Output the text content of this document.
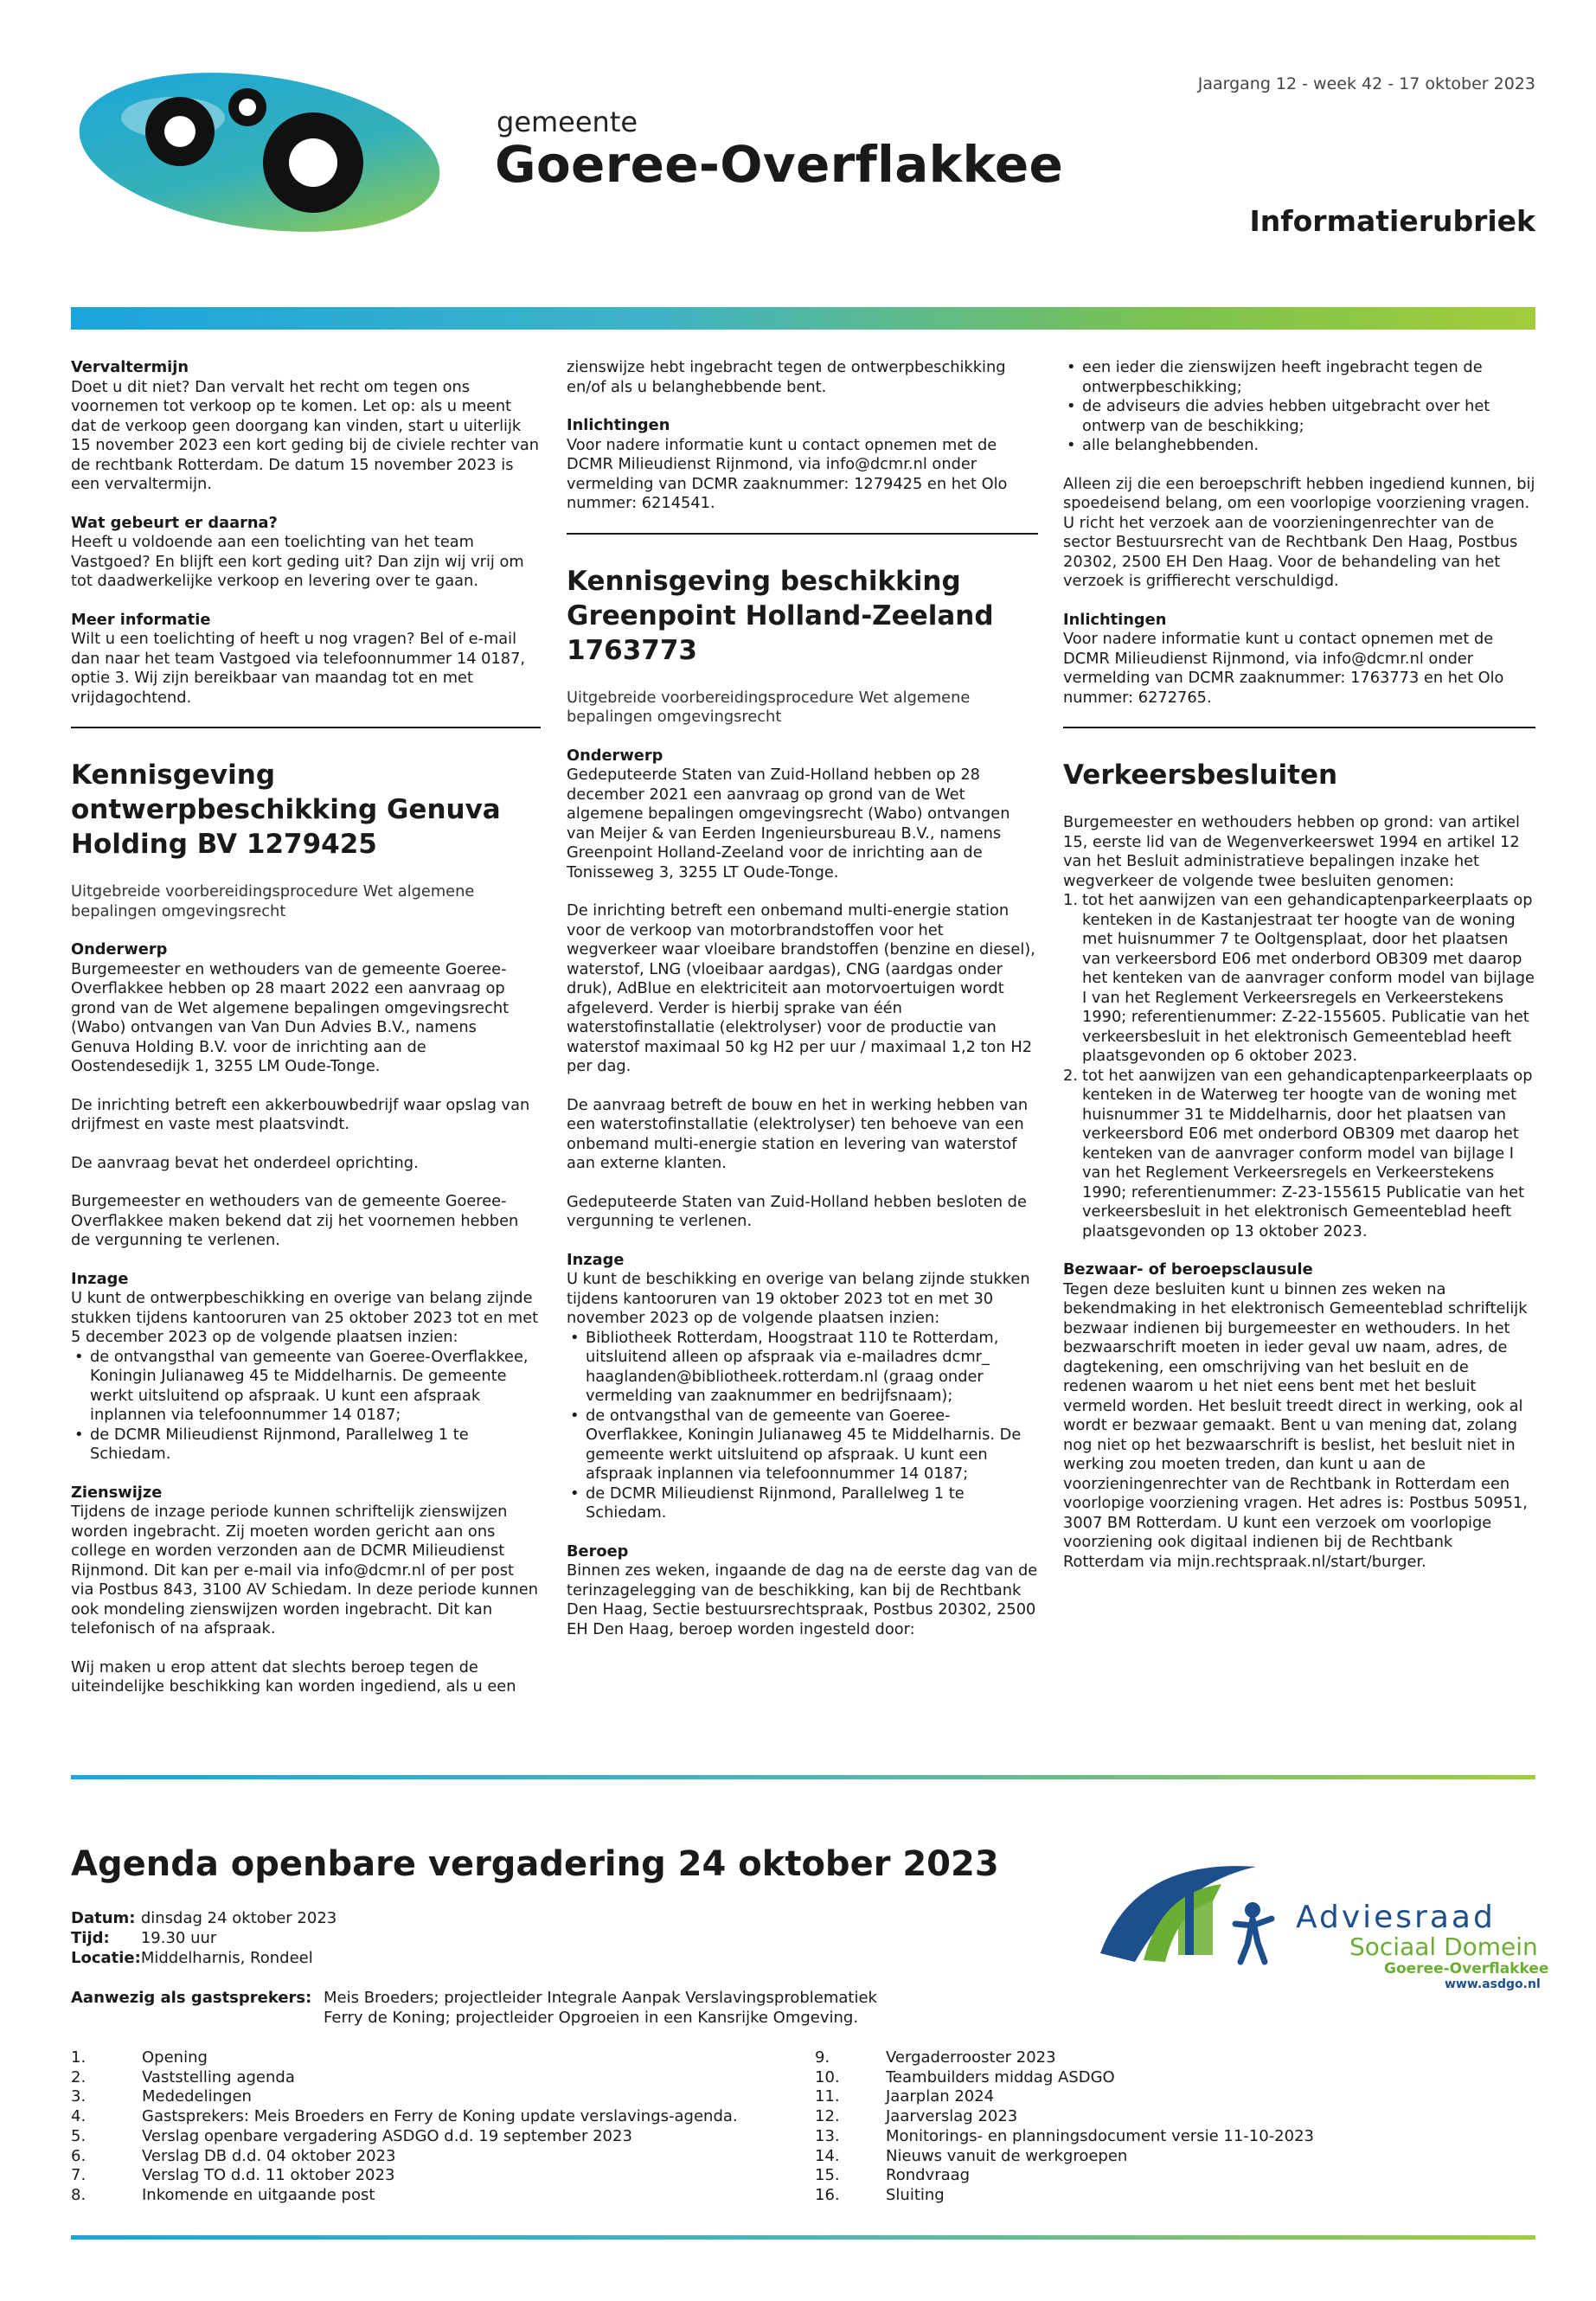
gemeente
Goeree-Overflakkee
Jaargang 12 - week 42 - 17 oktober 2023
Informatierubriek
Vervaltermijn

Doet u dit niet? Dan vervalt het recht om tegen ons voornemen tot verkoop op te komen. Let op: als u meent dat de verkoop geen doorgang kan vinden, start u uiterlijk 15 november 2023 een kort geding bij de civiele rechter van de rechtbank Rotterdam. De datum 15 november 2023 is een vervaltermijn.

Wat gebeurt er daarna?

Heeft u voldoende aan een toelichting van het team Vastgoed? En blijft een kort geding uit? Dan zijn wij vrij om tot daadwerkelijke verkoop en levering over te gaan.

Meer informatie

Wilt u een toelichting of heeft u nog vragen? Bel of e-mail dan naar het team Vastgoed via telefoonnummer 14 0187, optie 3. Wij zijn bereikbaar van maandag tot en met vrijdagochtend.

Kennisgeving ontwerpbeschikking Genuva Holding BV 1279425

Uitgebreide voorbereidingsprocedure Wet algemene bepalingen omgevingsrecht

Onderwerp

Burgemeester en wethouders van de gemeente Goeree-Overflakkee hebben op 28 maart 2022 een aanvraag op grond van de Wet algemene bepalingen omgevingsrecht (Wabo) ontvangen van Van Dun Advies B.V., namens Genuva Holding B.V. voor de inrichting aan de Oostendesedijk 1, 3255 LM Oude-Tonge.

De inrichting betreft een akkerbouwbedrijf waar opslag van drijfmest en vaste mest plaatsvindt.

De aanvraag bevat het onderdeel oprichting.

Burgemeester en wethouders van de gemeente Goeree-Overflakkee maken bekend dat zij het voornemen hebben de vergunning te verlenen.

Inzage
U kunt de ontwerpbeschikking en overige van belang zijnde stukken tijdens kantooruren van 25 oktober 2023 tot en met 5 december 2023 op de volgende plaatsen inzien:
• de ontvangsthal van gemeente van Goeree-Overflakkee, Koningin Julianaweg 45 te Middelharnis. De gemeente werkt uitsluitend op afspraak. U kunt een afspraak inplannen via telefoonnummer 14 0187;
• de DCMR Milieudienst Rijnmond, Parallelweg 1 te Schiedam.
Zienswijze

Tijdens de inzage periode kunnen schriftelijk zienswijzen worden ingebracht. Zij moeten worden gericht aan ons college en worden verzonden aan de DCMR Milieudienst Rijnmond. Dit kan per e-mail via info@dcmr.nl of per post via Postbus 843, 3100 AV Schiedam. In deze periode kunnen ook mondeling zienswijzen worden ingebracht. Dit kan telefonisch of na afspraak.

Wij maken u erop attent dat slechts beroep tegen de uiteindelijke beschikking kan worden ingediend, als u een

zienswijze hebt ingebracht tegen de ontwerpbeschikking en/of als u belanghebbende bent.

Inlichtingen

Voor nadere informatie kunt u contact opnemen met de DCMR Milieudienst Rijnmond, via info@dcmr.nl onder vermelding van DCMR zaaknummer: 1279425 en het Olo nummer: 6214541.

Kennisgeving beschikking Greenpoint Holland-Zeeland 1763773

Uitgebreide voorbereidingsprocedure Wet algemene bepalingen omgevingsrecht

Onderwerp

Gedeputeerde Staten van Zuid-Holland hebben op 28 december 2021 een aanvraag op grond van de Wet algemene bepalingen omgevingsrecht (Wabo) ontvangen van Meijer & van Eerden Ingenieursbureau B.V., namens Greenpoint Holland-Zeeland voor de inrichting aan de Tonisseweg 3, 3255 LT Oude-Tonge.

De inrichting betreft een onbemand multi-energie station voor de verkoop van motorbrandstoffen voor het wegverkeer waar vloeibare brandstoffen (benzine en diesel), waterstof, LNG (vloeibaar aardgas), CNG (aardgas onder druk), AdBlue en elektriciteit aan motorvoertuigen wordt afgeleverd. Verder is hierbij sprake van één waterstofinstallatie (elektrolyser) voor de productie van waterstof maximaal 50 kg H2 per uur / maximaal 1,2 ton H2 per dag.

De aanvraag betreft de bouw en het in werking hebben van een waterstofinstallatie (elektrolyser) ten behoeve van een onbemand multi-energie station en levering van waterstof aan externe klanten.

Gedeputeerde Staten van Zuid-Holland hebben besloten de vergunning te verlenen.

Inzage
U kunt de beschikking en overige van belang zijnde stukken tijdens kantooruren van 19 oktober 2023 tot en met 30 november 2023 op de volgende plaatsen inzien:
• Bibliotheek Rotterdam, Hoogstraat 110 te Rotterdam, uitsluitend alleen op afspraak via e-mailadres dcmr_ haaglanden@bibliotheek.rotterdam.nl (graag onder vermelding van zaaknummer en bedrijfsnaam);
• de ontvangsthal van de gemeente van Goeree-Overflakkee, Koningin Julianaweg 45 te Middelharnis. De gemeente werkt uitsluitend op afspraak. U kunt een afspraak inplannen via telefoonnummer 14 0187;
• de DCMR Milieudienst Rijnmond, Parallelweg 1 te Schiedam.
Beroep

Binnen zes weken, ingaande de dag na de eerste dag van de terinzagelegging van de beschikking, kan bij de Rechtbank Den Haag, Sectie bestuursrechtspraak, Postbus 20302, 2500 EH Den Haag, beroep worden ingesteld door:

• een ieder die zienswijzen heeft ingebracht tegen de ontwerpbeschikking;
• de adviseurs die advies hebben uitgebracht over het ontwerp van de beschikking;
• alle belanghebbenden.

Alleen zij die een beroepschrift hebben ingediend kunnen, bij spoedeisend belang, om een voorlopige voorziening vragen. U richt het verzoek aan de voorzieningenrechter van de sector Bestuursrecht van de Rechtbank Den Haag, Postbus 20302, 2500 EH Den Haag. Voor de behandeling van het verzoek is griffierecht verschuldigd.

Inlichtingen

Voor nadere informatie kunt u contact opnemen met de DCMR Milieudienst Rijnmond, via info@dcmr.nl onder vermelding van DCMR zaaknummer: 1763773 en het Olo nummer: 6272765.

Verkeersbesluiten
Burgemeester en wethouders hebben op grond: van artikel 15, eerste lid van de Wegenverkeerswet 1994 en artikel 12 van het Besluit administratieve bepalingen inzake het wegverkeer de volgende twee besluiten genomen:
1. tot het aanwijzen van een gehandicaptenparkeerplaats op kenteken in de Kastanjestraat ter hoogte van de woning met huisnummer 7 te Ooltgensplaat, door het plaatsen van verkeersbord E06 met onderbord OB309 met daarop het kenteken van de aanvrager conform model van bijlage I van het Reglement Verkeersregels en Verkeerstekens 1990; referentienummer: Z-22-155605. Publicatie van het verkeersbesluit in het elektronisch Gemeenteblad heeft plaatsgevonden op 6 oktober 2023.
2. tot het aanwijzen van een gehandicaptenparkeerplaats op kenteken in de Waterweg ter hoogte van de woning met huisnummer 31 te Middelharnis, door het plaatsen van verkeersbord E06 met onderbord OB309 met daarop het kenteken van de aanvrager conform model van bijlage I van het Reglement Verkeersregels en Verkeerstekens 1990; referentienummer: Z-23-155615 Publicatie van het verkeersbesluit in het elektronisch Gemeenteblad heeft plaatsgevonden op 13 oktober 2023.
Bezwaar- of beroepsclausule

Tegen deze besluiten kunt u binnen zes weken na bekendmaking in het elektronisch Gemeenteblad schriftelijk bezwaar indienen bij burgemeester en wethouders. In het bezwaarschrift moeten in ieder geval uw naam, adres, de dagtekening, een omschrijving van het besluit en de redenen waarom u het niet eens bent met het besluit vermeld worden. Het besluit treedt direct in werking, ook al wordt er bezwaar gemaakt. Bent u van mening dat, zolang nog niet op het bezwaarschrift is beslist, het besluit niet in werking zou moeten treden, dan kunt u aan de voorzieningenrechter van de Rechtbank in Rotterdam een voorlopige voorziening vragen. Het adres is: Postbus 50951, 3007 BM Rotterdam. U kunt een verzoek om voorlopige voorziening ook digitaal indienen bij de Rechtbank Rotterdam via mijn.rechtspraak.nl/start/burger.

Agenda openbare vergadering 24 oktober 2023
Datum:	dinsdag 24 oktober 2023
Tijd:	19.30 uur
Locatie:	Middelharnis, Rondeel
Aanwezig als gastsprekers: Meis Broeders; projectleider Integrale Aanpak Verslavingsproblematiek
Ferry de Koning; projectleider Opgroeien in een Kansrijke Omgeving.
1.	Opening
2.	Vaststelling agenda
3.	Mededelingen
4.	Gastsprekers: Meis Broeders en Ferry de Koning update verslavings-agenda.
5.	Verslag openbare vergadering ASDGO d.d. 19 september 2023
6.	Verslag DB d.d. 04 oktober 2023
7.	Verslag TO d.d. 11 oktober 2023
8.	Inkomende en uitgaande post
9.	Vergaderrooster 2023
10.	Teambuilders middag ASDGO
11.	Jaarplan 2024
12.	Jaarverslag 2023
13.	Monitorings- en planningsdocument versie 11-10-2023
14.	Nieuws vanuit de werkgroepen
15.	Rondvraag
16.	Sluiting
Adviesraad
Sociaal Domein
Goeree-Overflakkee
www.asdgo.nl
